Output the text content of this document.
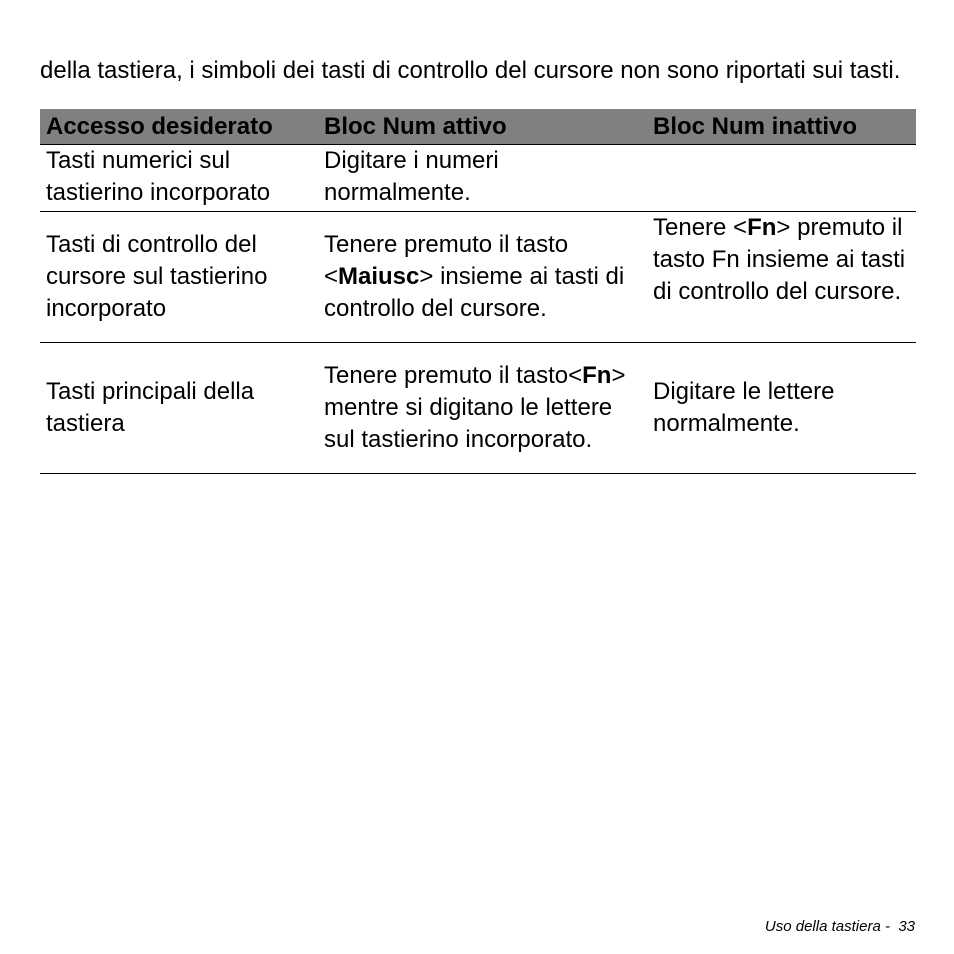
della tastiera, i simboli dei tasti di controllo del cursore non sono riportati sui tasti.

Accesso desiderato	Bloc Num attivo	Bloc Num inattivo
Tasti numerici sul tastierino incorporato	Digitare i numeri normalmente.	
Tasti di controllo del cursore sul tastierino incorporato	Tenere premuto il tasto <Maiusc> insieme ai tasti di controllo del cursore.	Tenere <Fn> premuto il tasto Fn insieme ai tasti di controllo del cursore.
Tasti principali della tastiera	Tenere premuto il tasto<Fn> mentre si digitano le lettere sul tastierino incorporato.	Digitare le lettere normalmente.
Uso della tastiera - 33
